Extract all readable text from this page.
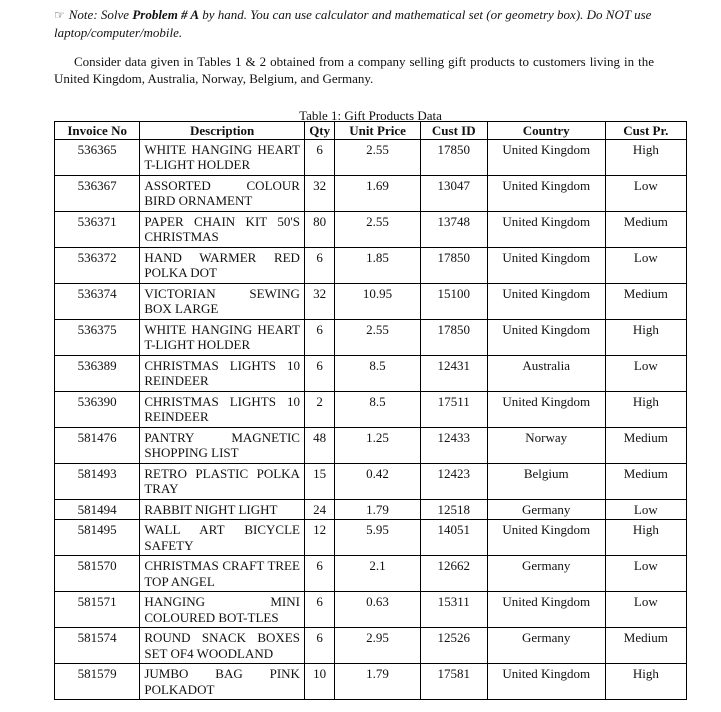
☞ Note: Solve Problem # A by hand. You can use calculator and mathematical set (or geometry box). Do NOT use laptop/computer/mobile.
Consider data given in Tables 1 & 2 obtained from a company selling gift products to customers living in the United Kingdom, Australia, Norway, Belgium, and Germany.
Table 1: Gift Products Data
Invoice No	Description	Qty	Unit Price	Cust ID	Country	Cust Pr.
536365	WHITE HANGING HEART T-LIGHT HOLDER	6	2.55	17850	United Kingdom	High
536367	ASSORTED COLOUR BIRD ORNAMENT	32	1.69	13047	United Kingdom	Low
536371	PAPER CHAIN KIT 50'S CHRISTMAS	80	2.55	13748	United Kingdom	Medium
536372	HAND WARMER RED POLKA DOT	6	1.85	17850	United Kingdom	Low
536374	VICTORIAN SEWING BOX LARGE	32	10.95	15100	United Kingdom	Medium
536375	WHITE HANGING HEART T-LIGHT HOLDER	6	2.55	17850	United Kingdom	High
536389	CHRISTMAS LIGHTS 10 REINDEER	6	8.5	12431	Australia	Low
536390	CHRISTMAS LIGHTS 10 REINDEER	2	8.5	17511	United Kingdom	High
581476	PANTRY MAGNETIC SHOPPING LIST	48	1.25	12433	Norway	Medium
581493	RETRO PLASTIC POLKA TRAY	15	0.42	12423	Belgium	Medium
581494	RABBIT NIGHT LIGHT	24	1.79	12518	Germany	Low
581495	WALL ART BICYCLE SAFETY	12	5.95	14051	United Kingdom	High
581570	CHRISTMAS CRAFT TREE TOP ANGEL	6	2.1	12662	Germany	Low
581571	HANGING MINI COLOURED BOT-TLES	6	0.63	15311	United Kingdom	Low
581574	ROUND SNACK BOXES SET OF4 WOODLAND	6	2.95	12526	Germany	Medium
581579	JUMBO BAG PINK POLKADOT	10	1.79	17581	United Kingdom	High
